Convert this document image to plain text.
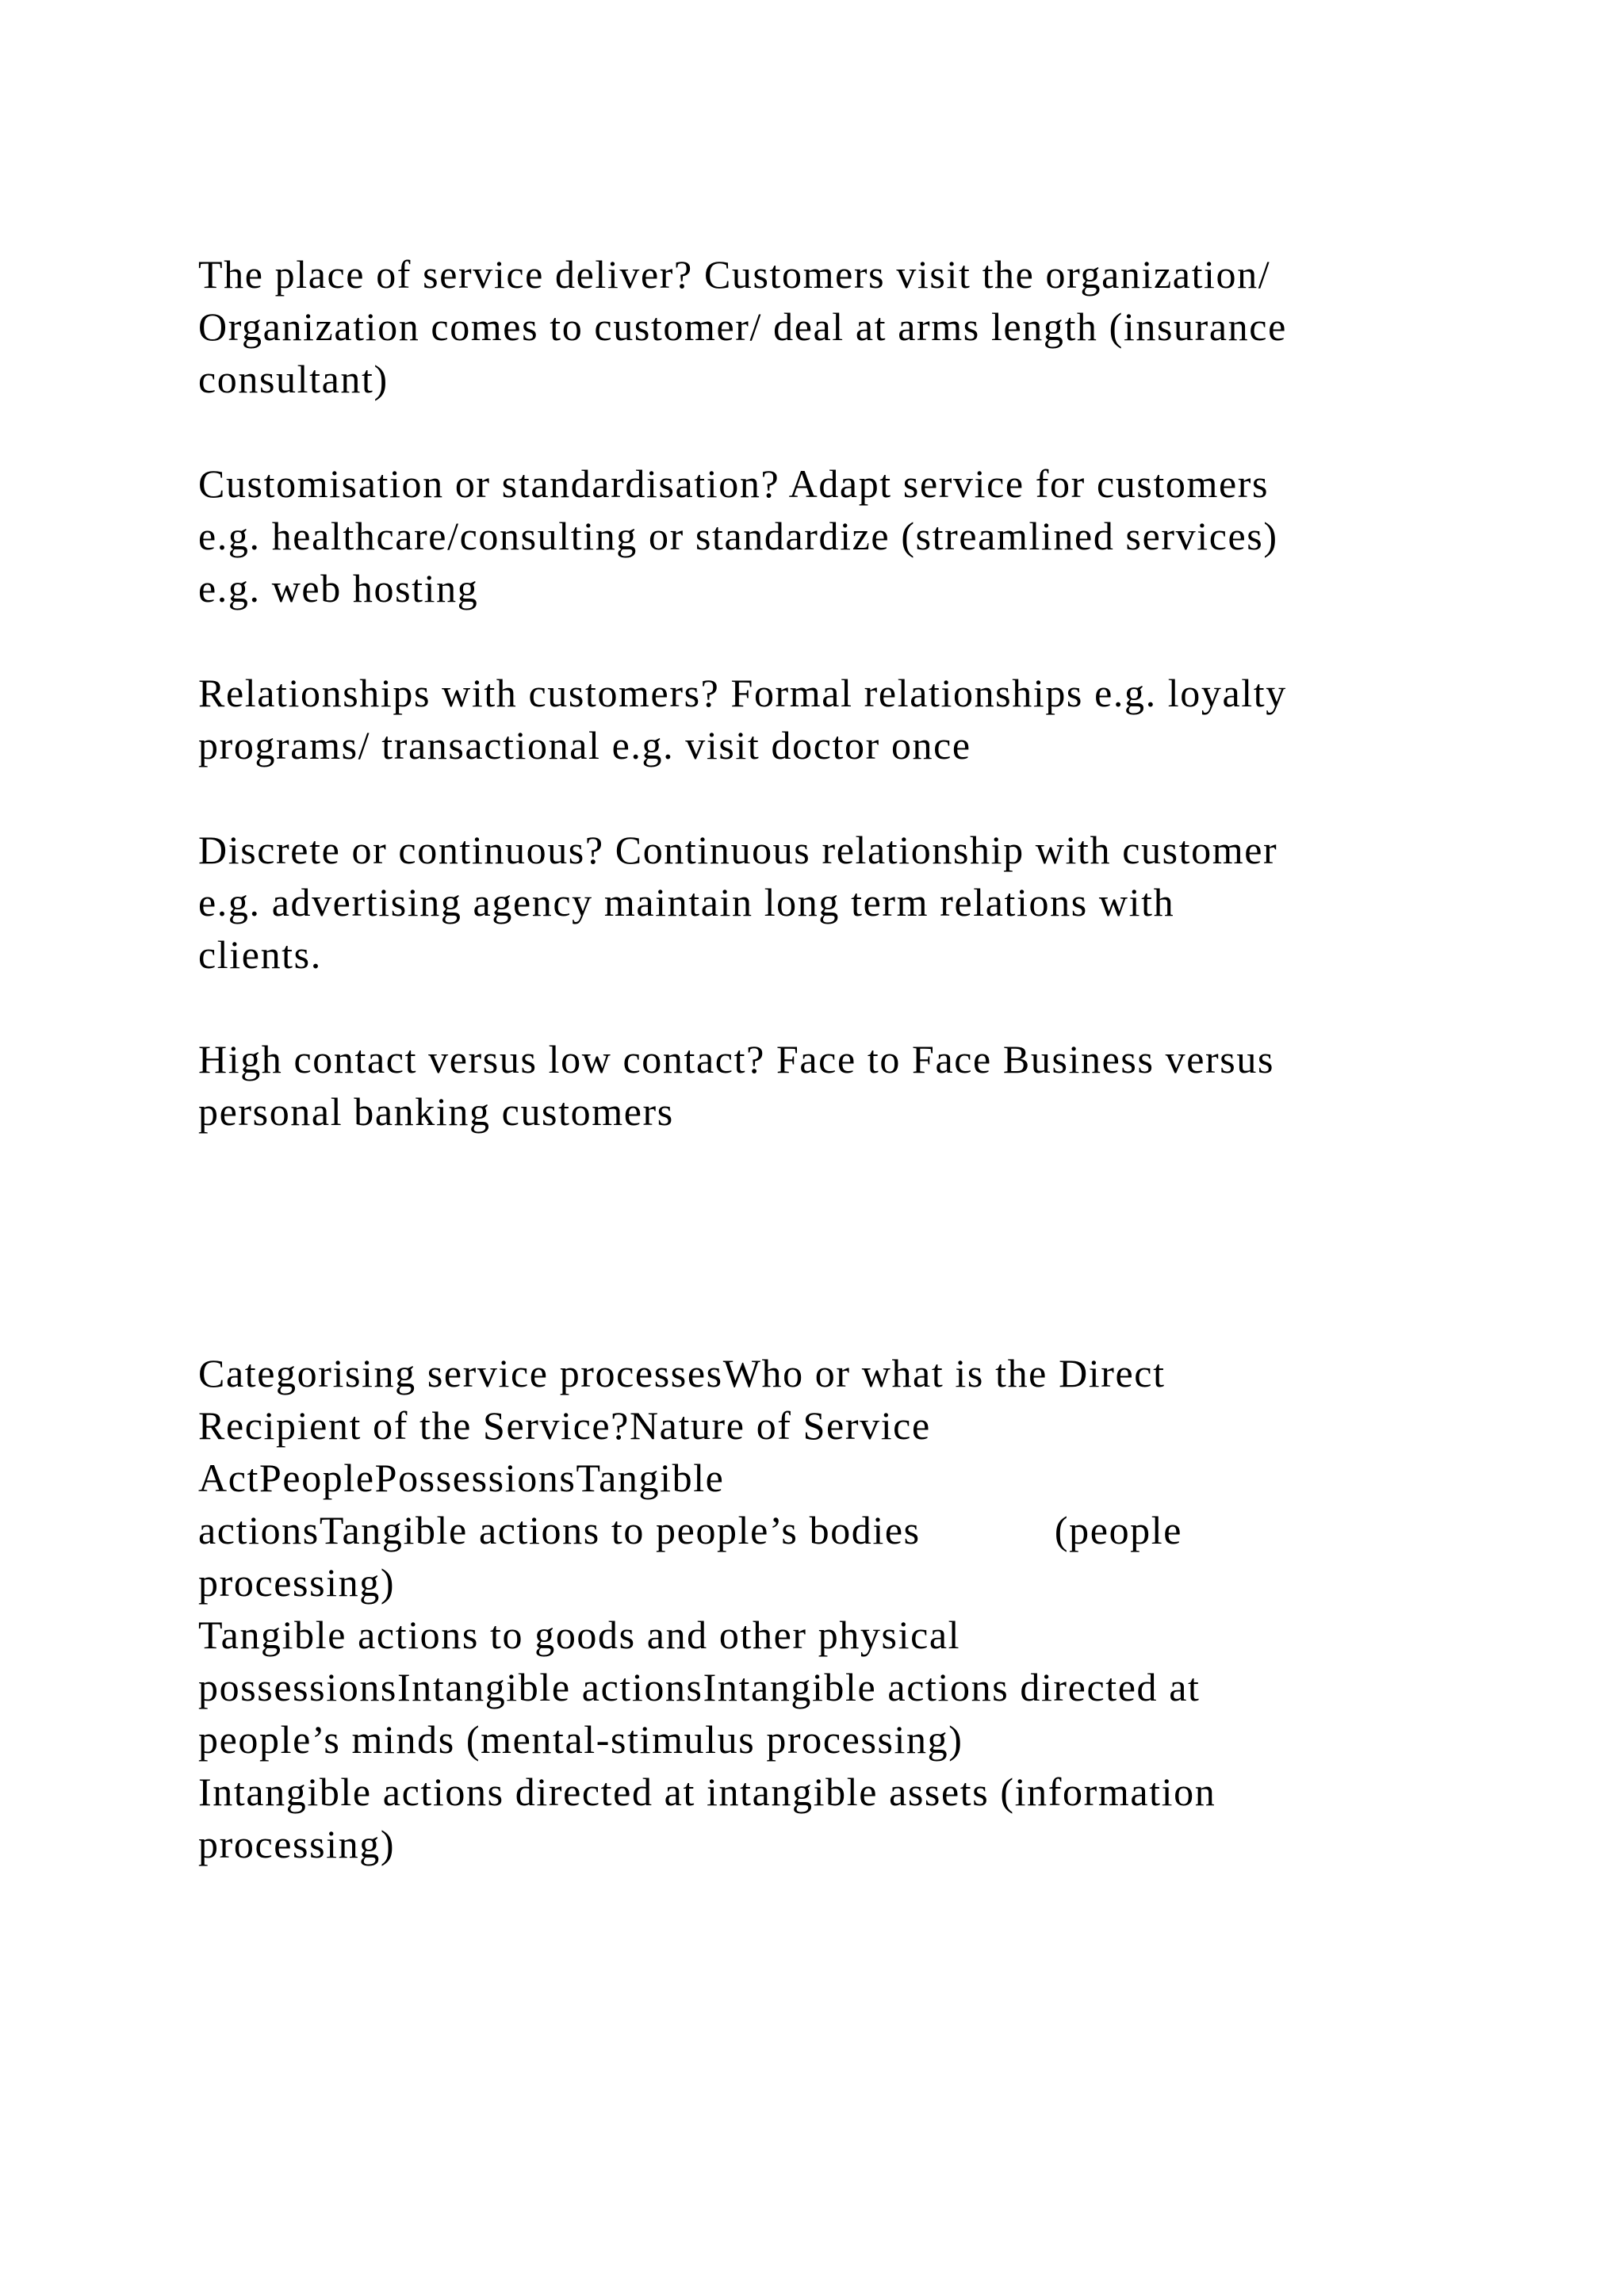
The place of service deliver? Customers visit the organization/

Organization comes to customer/ deal at arms length (insurance

consultant)

Customisation or standardisation? Adapt service for customers

e.g. healthcare/consulting or standardize (streamlined services)

e.g. web hosting

Relationships with customers? Formal relationships e.g. loyalty

programs/ transactional e.g. visit doctor once

Discrete or continuous? Continuous relationship with customer

e.g. advertising agency maintain long term relations with

clients.

High contact versus low contact? Face to Face Business versus

personal banking customers

Categorising service processesWho or what is the Direct

Recipient of the Service?Nature of Service

ActPeoplePossessionsTangible

actionsTangible actions to people’s bodies            (people

processing)

Tangible actions to goods and other physical

possessionsIntangible actionsIntangible actions directed at

people’s minds (mental-stimulus processing)

Intangible actions directed at intangible assets (information

processing)
